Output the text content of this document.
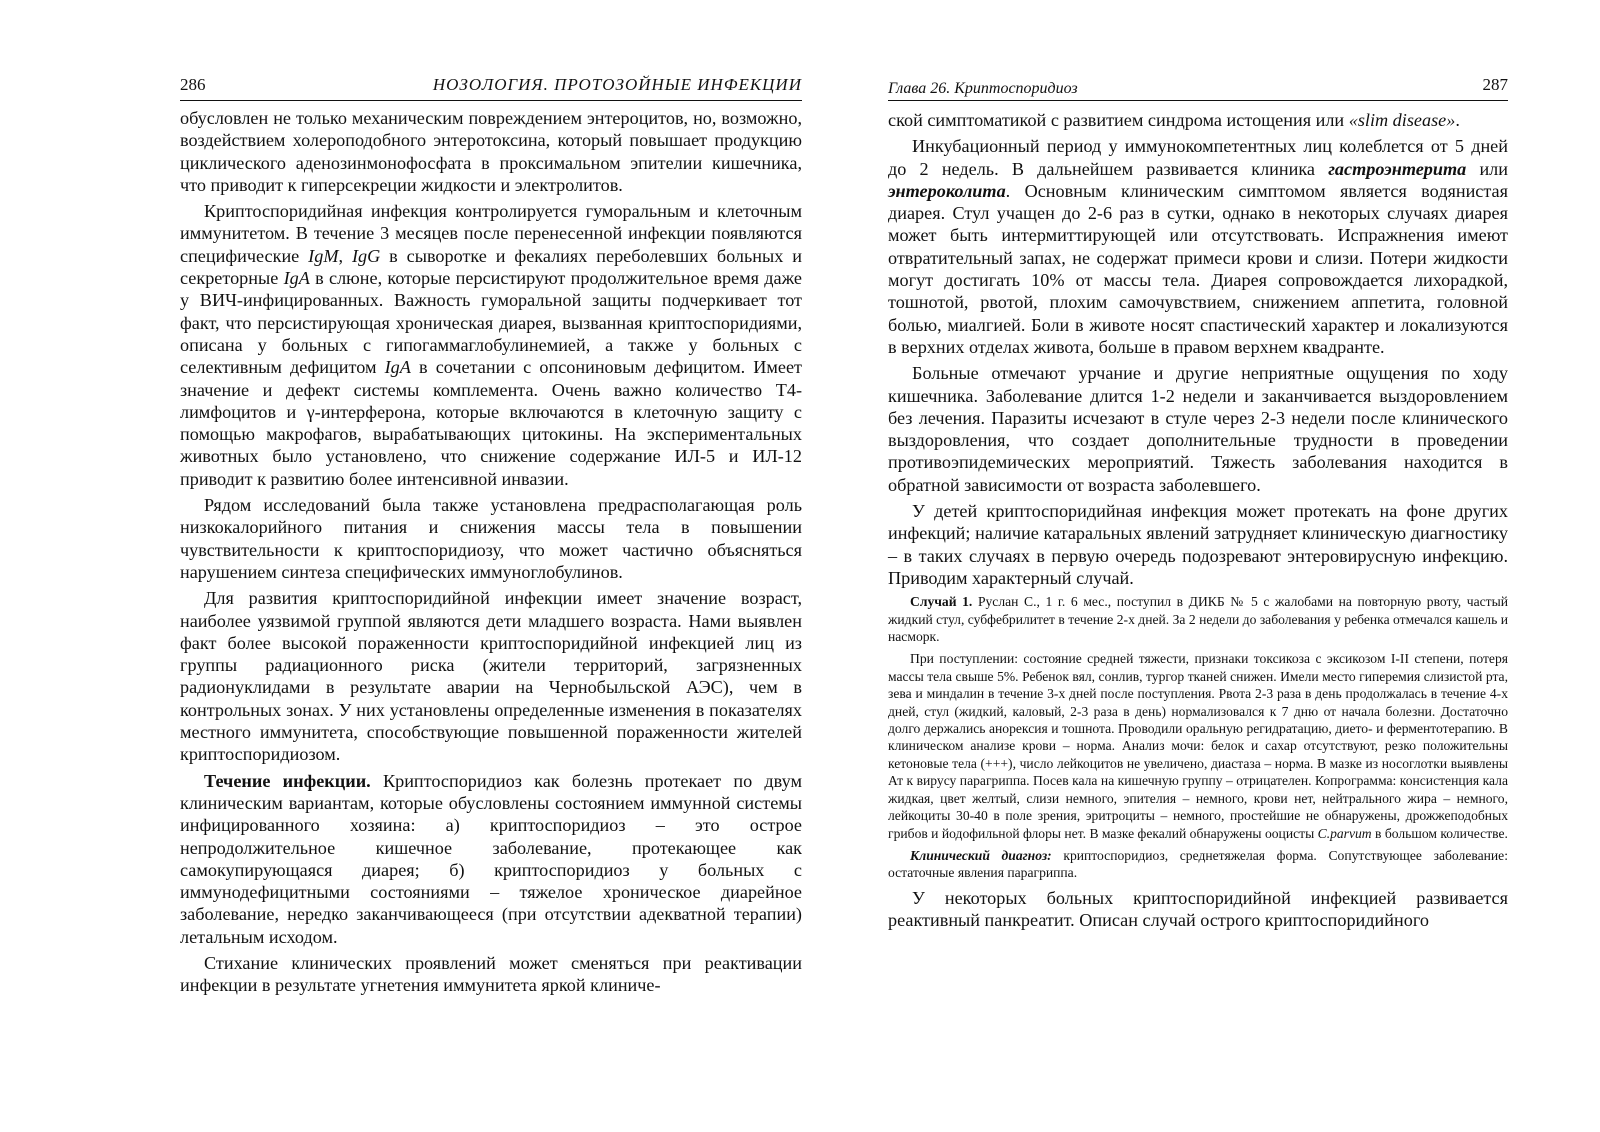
286	НОЗОЛОГИЯ. ПРОТОЗОЙНЫЕ ИНФЕКЦИИ

обусловлен не только механическим повреждением энтероцитов, но, возможно, воздействием холероподобного энтеротоксина, который повышает продукцию циклического аденозинмонофосфата в проксимальном эпителии кишечника, что приводит к гиперсекреции жидкости и электролитов.

Криптоспоридийная инфекция контролируется гуморальным и клеточным иммунитетом. В течение 3 месяцев после перенесенной инфекции появляются специфические IgM, IgG в сыворотке и фекалиях переболевших больных и секреторные IgA в слюне, которые персистируют продолжительное время даже у ВИЧ-инфицированных. Важность гуморальной защиты подчеркивает тот факт, что персистирующая хроническая диарея, вызванная криптоспоридиями, описана у больных с гипогаммаглобулинемией, а также у больных с селективным дефицитом IgA в сочетании с опсониновым дефицитом. Имеет значение и дефект системы комплемента. Очень важно количество Т4-лимфоцитов и γ-интерферона, которые включаются в клеточную защиту с помощью макрофагов, вырабатывающих цитокины. На экспериментальных животных было установлено, что снижение содержание ИЛ-5 и ИЛ-12 приводит к развитию более интенсивной инвазии.

Рядом исследований была также установлена предрасполагающая роль низкокалорийного питания и снижения массы тела в повышении чувствительности к криптоспоридиозу, что может частично объясняться нарушением синтеза специфических иммуноглобулинов.

Для развития криптоспоридийной инфекции имеет значение возраст, наиболее уязвимой группой являются дети младшего возраста. Нами выявлен факт более высокой пораженности криптоспоридийной инфекцией лиц из группы радиационного риска (жители территорий, загрязненных радионуклидами в результате аварии на Чернобыльской АЭС), чем в контрольных зонах. У них установлены определенные изменения в показателях местного иммунитета, способствующие повышенной пораженности жителей криптоспоридиозом.

Течение инфекции. Криптоспоридиоз как болезнь протекает по двум клиническим вариантам, которые обусловлены состоянием иммунной системы инфицированного хозяина: а) криптоспоридиоз – это острое непродолжительное кишечное заболевание, протекающее как самокупирующаяся диарея; б) криптоспоридиоз у больных с иммунодефицитными состояниями – тяжелое хроническое диарейное заболевание, нередко заканчивающееся (при отсутствии адекватной терапии) летальным исходом.

Стихание клинических проявлений может сменяться при реактивации инфекции в результате угнетения иммунитета яркой клиниче-

Глава 26. Криптоспоридиоз	287

ской симптоматикой с развитием синдрома истощения или «slim disease».

Инкубационный период у иммунокомпетентных лиц колеблется от 5 дней до 2 недель. В дальнейшем развивается клиника гастроэнтерита или энтероколита. Основным клиническим симптомом является водянистая диарея. Стул учащен до 2-6 раз в сутки, однако в некоторых случаях диарея может быть интермиттирующей или отсутствовать. Испражнения имеют отвратительный запах, не содержат примеси крови и слизи. Потери жидкости могут достигать 10% от массы тела. Диарея сопровождается лихорадкой, тошнотой, рвотой, плохим самочувствием, снижением аппетита, головной болью, миалгией. Боли в животе носят спастический характер и локализуются в верхних отделах живота, больше в правом верхнем квадранте.

Больные отмечают урчание и другие неприятные ощущения по ходу кишечника. Заболевание длится 1-2 недели и заканчивается выздоровлением без лечения. Паразиты исчезают в стуле через 2-3 недели после клинического выздоровления, что создает дополнительные трудности в проведении противоэпидемических мероприятий. Тяжесть заболевания находится в обратной зависимости от возраста заболевшего.

У детей криптоспоридийная инфекция может протекать на фоне других инфекций; наличие катаральных явлений затрудняет клиническую диагностику – в таких случаях в первую очередь подозревают энтеровирусную инфекцию. Приводим характерный случай.

Случай 1. Руслан С., 1 г. 6 мес., поступил в ДИКБ № 5 с жалобами на повторную рвоту, частый жидкий стул, субфебрилитет в течение 2-х дней. За 2 недели до заболевания у ребенка отмечался кашель и насморк.

При поступлении: состояние средней тяжести, признаки токсикоза с эксикозом I-II степени, потеря массы тела свыше 5%. Ребенок вял, сонлив, тургор тканей снижен. Имели место гиперемия слизистой рта, зева и миндалин в течение 3-х дней после поступления. Рвота 2-3 раза в день продолжалась в течение 4-х дней, стул (жидкий, каловый, 2-3 раза в день) нормализовался к 7 дню от начала болезни. Достаточно долго держались анорексия и тошнота. Проводили оральную регидратацию, дието- и ферментотерапию. В клиническом анализе крови – норма. Анализ мочи: белок и сахар отсутствуют, резко положительны кетоновые тела (+++), число лейкоцитов не увеличено, диастаза – норма. В мазке из носоглотки выявлены Ат к вирусу парагриппа. Посев кала на кишечную группу – отрицателен. Копрограмма: консистенция кала жидкая, цвет желтый, слизи немного, эпителия – немного, крови нет, нейтрального жира – немного, лейкоциты 30-40 в поле зрения, эритроциты – немного, простейшие не обнаружены, дрожжеподобных грибов и йодофильной флоры нет. В мазке фекалий обнаружены ооцисты C.parvum в большом количестве.

Клинический диагноз: криптоспоридиоз, среднетяжелая форма. Сопутствующее заболевание: остаточные явления парагриппа.

У некоторых больных криптоспоридийной инфекцией развивается реактивный панкреатит. Описан случай острого криптоспоридийного
